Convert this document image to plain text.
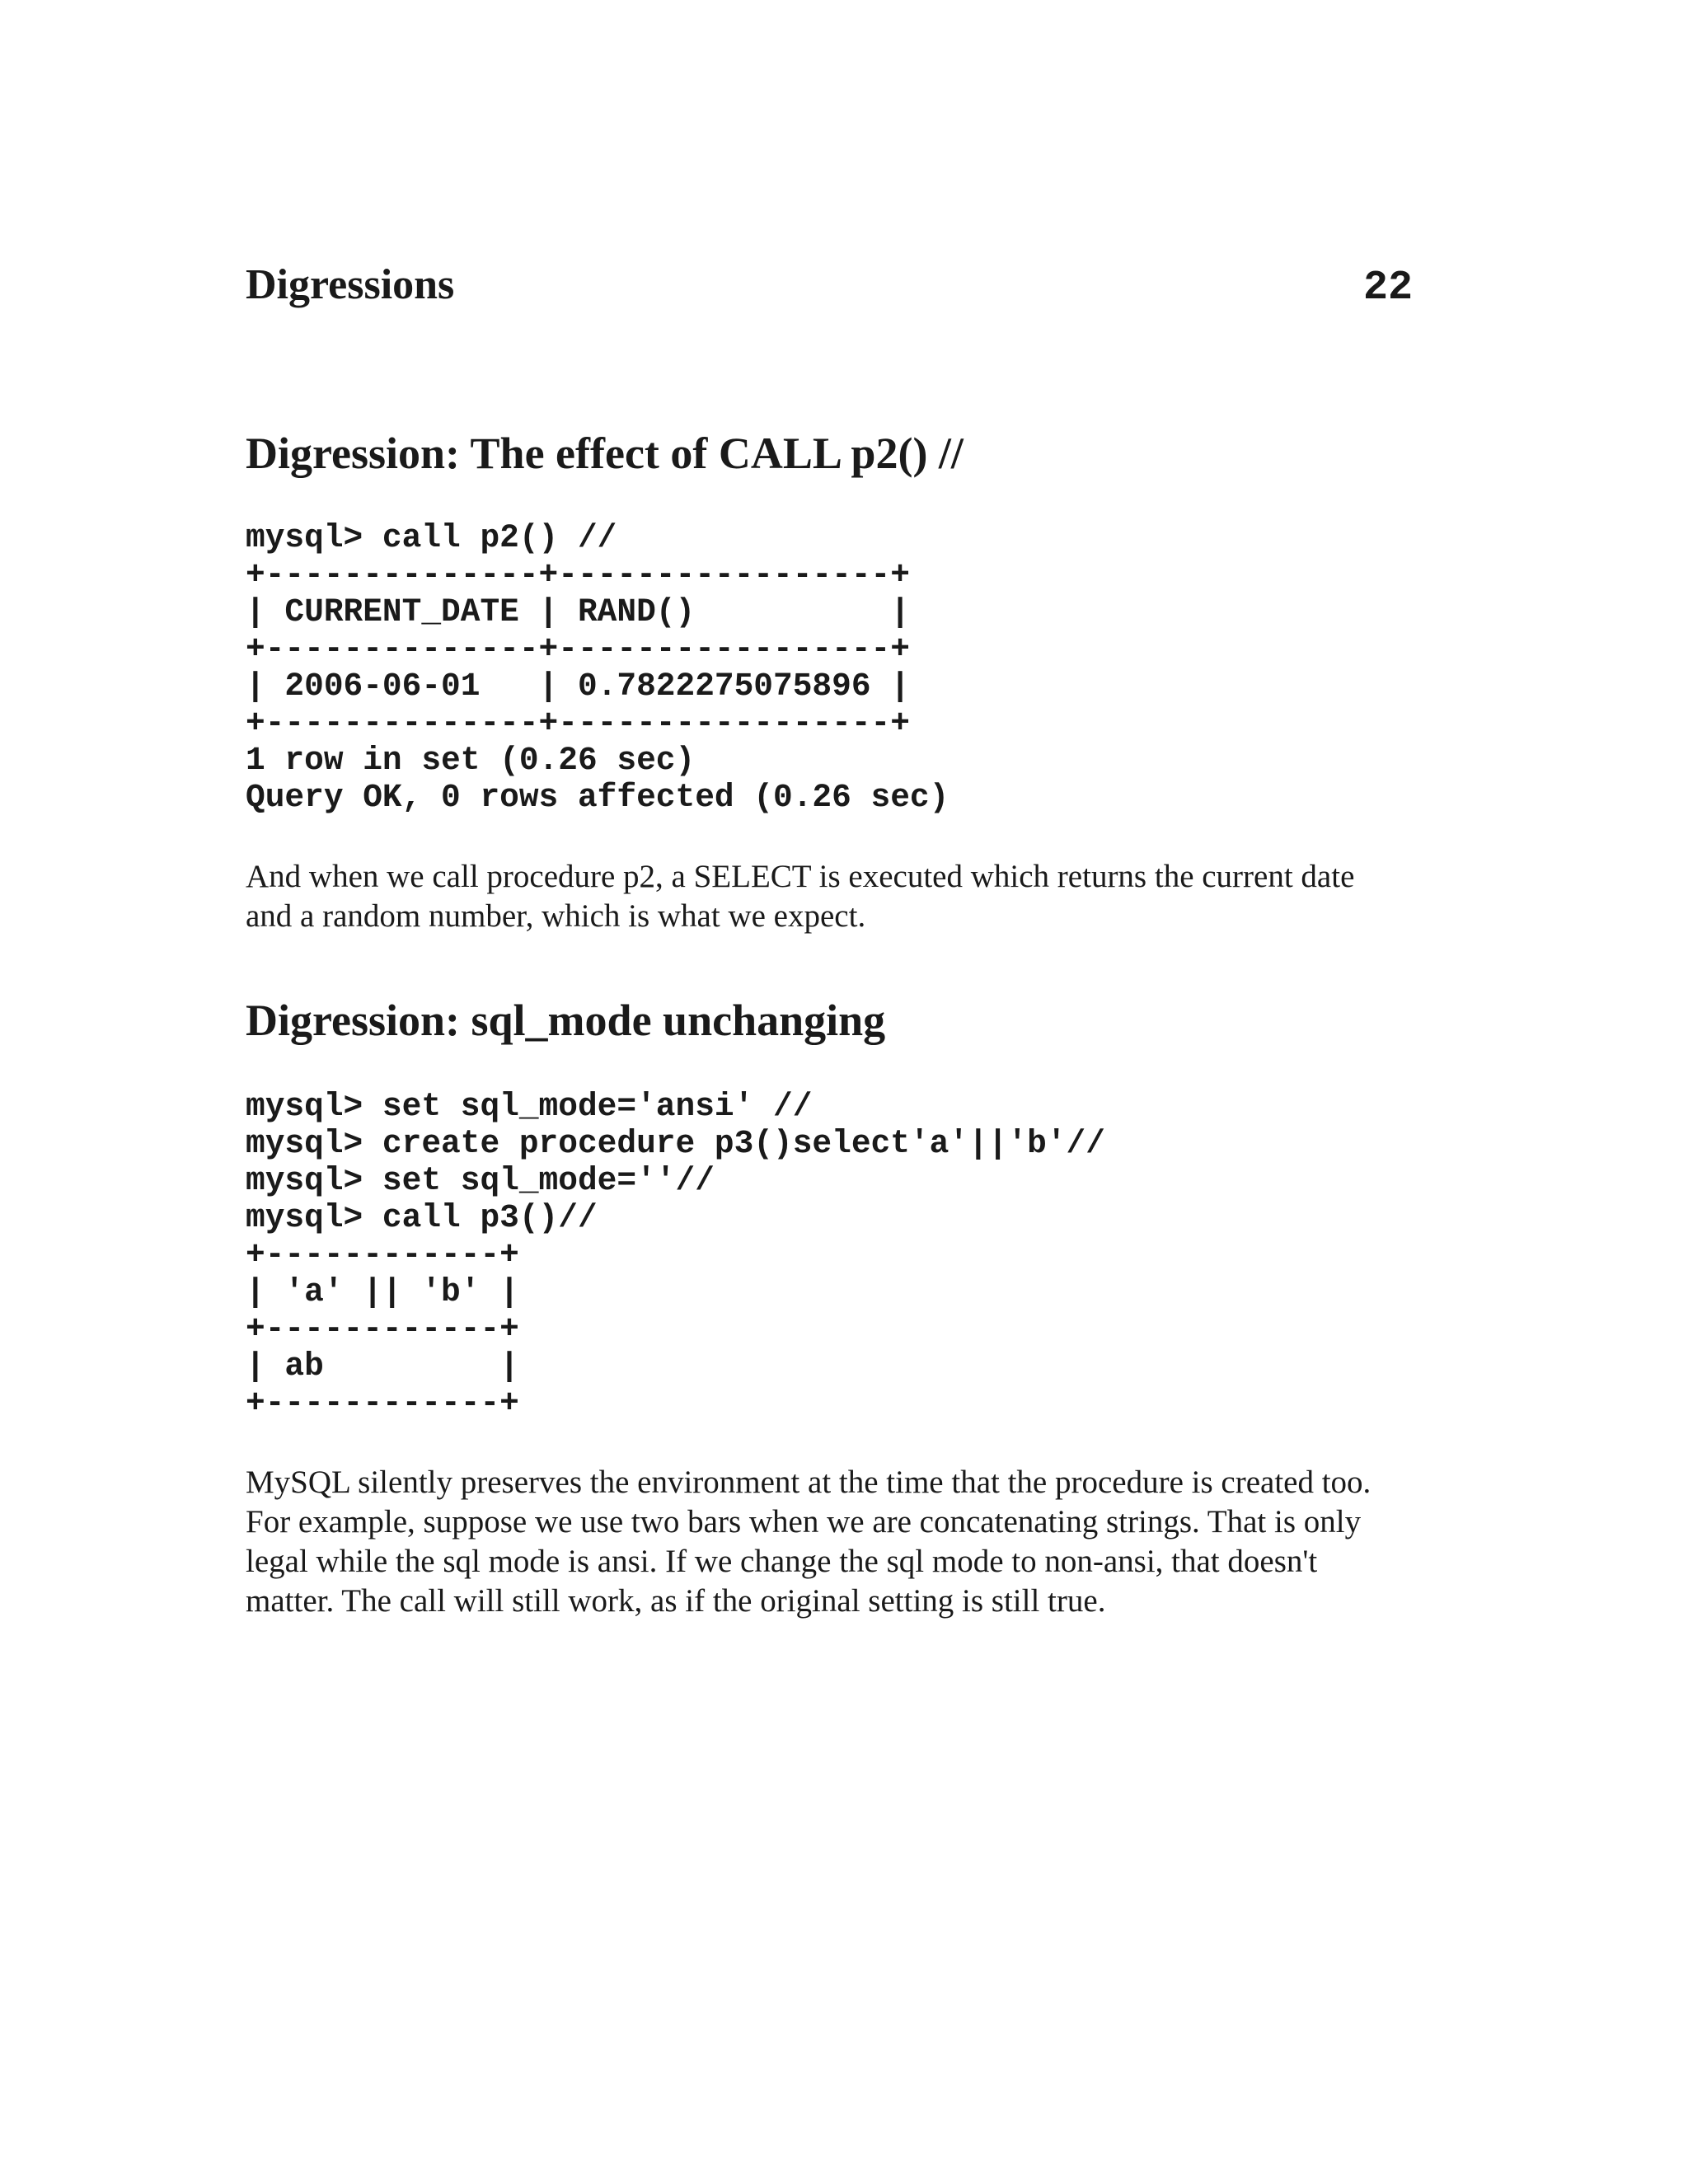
Digressions	22
Digression: The effect of CALL p2() //
mysql> call p2() //
+--------------+-----------------+
| CURRENT_DATE | RAND()          |
+--------------+-----------------+
| 2006-06-01   | 0.7822275075896 |
+--------------+-----------------+
1 row in set (0.26 sec)
Query OK, 0 rows affected (0.26 sec)

And when we call procedure p2, a SELECT is executed which returns the current date
and a random number, which is what we expect.

Digression: sql_mode unchanging
mysql> set sql_mode='ansi' //
mysql> create procedure p3()select'a'||'b'//
mysql> set sql_mode=''//
mysql> call p3()//
+------------+
| 'a' || 'b' |
+------------+
| ab         |
+------------+

MySQL silently preserves the environment at the time that the procedure is created too.
For example, suppose we use two bars when we are concatenating strings. That is only
legal while the sql mode is ansi. If we change the sql mode to non-ansi, that doesn't
matter. The call will still work, as if the original setting is still true.
